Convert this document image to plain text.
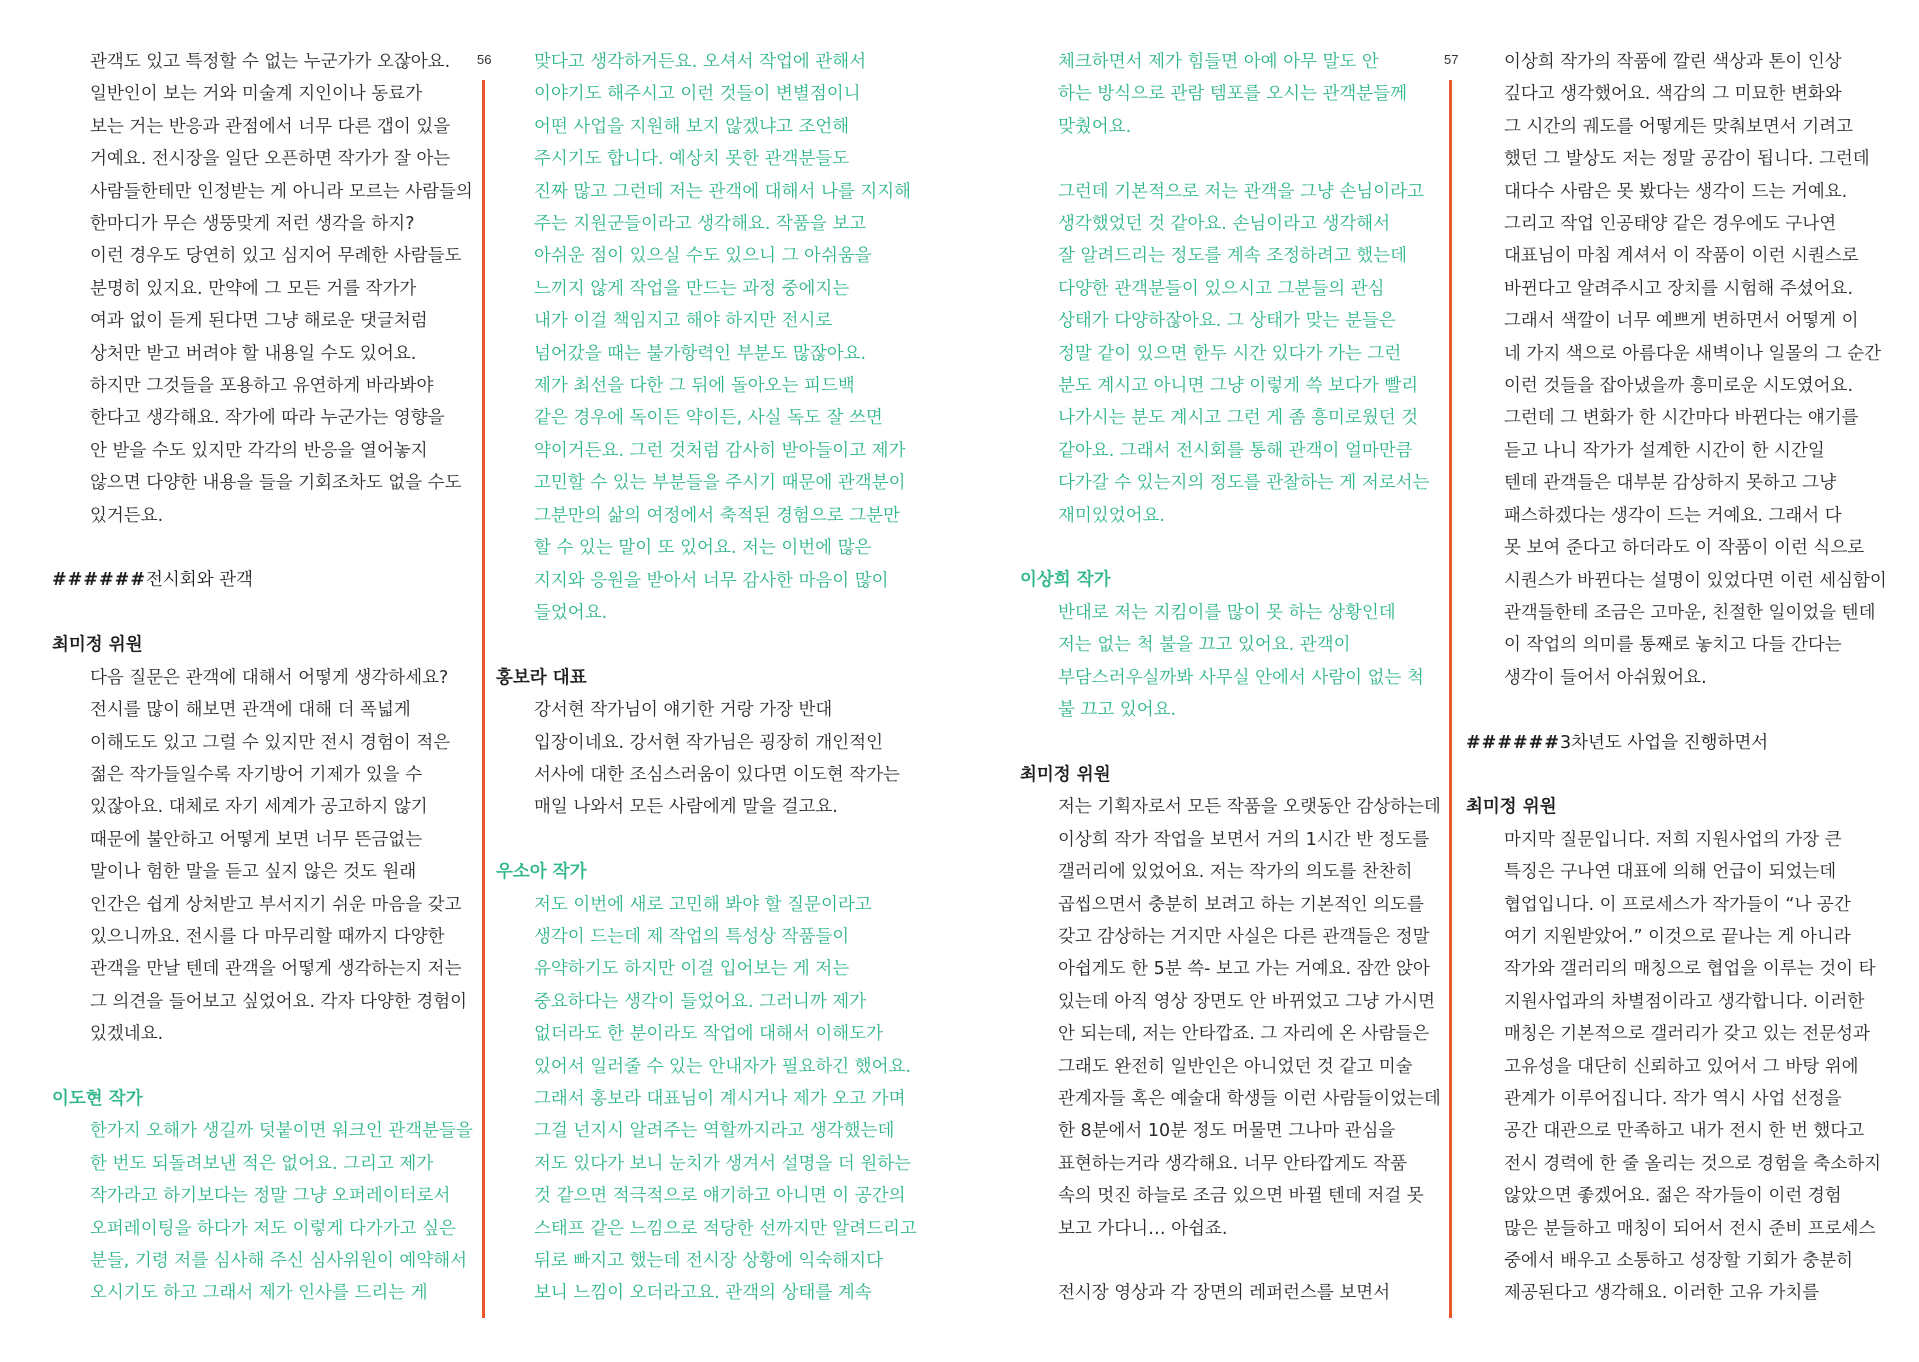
관객도 있고 특정할 수 없는 누군가가 오잖아요.
일반인이 보는 거와 미술계 지인이나 동료가
보는 거는 반응과 관점에서 너무 다른 갭이 있을
거예요. 전시장을 일단 오픈하면 작가가 잘 아는
사람들한테만 인정받는 게 아니라 모르는 사람들의
한마디가 무슨 생뚱맞게 저런 생각을 하지?
이런 경우도 당연히 있고 심지어 무례한 사람들도
분명히 있지요. 만약에 그 모든 거를 작가가
여과 없이 듣게 된다면 그냥 해로운 댓글처럼
상처만 받고 버려야 할 내용일 수도 있어요.
하지만 그것들을 포용하고 유연하게 바라봐야
한다고 생각해요. 작가에 따라 누군가는 영향을
안 받을 수도 있지만 각각의 반응을 열어놓지
않으면 다양한 내용을 들을 기회조차도 없을 수도
있거든요.
######전시회와 관객
최미정 위원
다음 질문은 관객에 대해서 어떻게 생각하세요?
전시를 많이 해보면 관객에 대해 더 폭넓게
이해도도 있고 그럴 수 있지만 전시 경험이 적은
젊은 작가들일수록 자기방어 기제가 있을 수
있잖아요. 대체로 자기 세계가 공고하지 않기
때문에 불안하고 어떻게 보면 너무 뜬금없는
말이나 험한 말을 듣고 싶지 않은 것도 원래
인간은 쉽게 상처받고 부서지기 쉬운 마음을 갖고
있으니까요. 전시를 다 마무리할 때까지 다양한
관객을 만날 텐데 관객을 어떻게 생각하는지 저는
그 의견을 들어보고 싶었어요. 각자 다양한 경험이
있겠네요.
이도현 작가
한가지 오해가 생길까 덧붙이면 워크인 관객분들을
한 번도 되돌려보낸 적은 없어요. 그리고 제가
작가라고 하기보다는 정말 그냥 오퍼레이터로서
오퍼레이팅을 하다가 저도 이렇게 다가가고 싶은
분들, 기령 저를 심사해 주신 심사위원이 예약해서
오시기도 하고 그래서 제가 인사를 드리는 게
56	맞다고 생각하거든요. 오셔서 작업에 관해서
이야기도 해주시고 이런 것들이 변별점이니
어떤 사업을 지원해 보지 않겠냐고 조언해
주시기도 합니다. 예상치 못한 관객분들도
진짜 많고 그런데 저는 관객에 대해서 나를 지지해
주는 지원군들이라고 생각해요. 작품을 보고
아쉬운 점이 있으실 수도 있으니 그 아쉬움을
느끼지 않게 작업을 만드는 과정 중에지는
내가 이걸 책임지고 해야 하지만 전시로
넘어갔을 때는 불가항력인 부분도 많잖아요.
제가 최선을 다한 그 뒤에 돌아오는 피드백
같은 경우에 독이든 약이든, 사실 독도 잘 쓰면
약이거든요. 그런 것처럼 감사히 받아들이고 제가
고민할 수 있는 부분들을 주시기 때문에 관객분이
그분만의 삶의 여정에서 축적된 경험으로 그분만
할 수 있는 말이 또 있어요. 저는 이번에 많은
지지와 응원을 받아서 너무 감사한 마음이 많이
들었어요.
홍보라 대표
강서현 작가님이 얘기한 거랑 가장 반대
입장이네요. 강서현 작가님은 굉장히 개인적인
서사에 대한 조심스러움이 있다면 이도현 작가는
매일 나와서 모든 사람에게 말을 걸고요.
우소아 작가
저도 이번에 새로 고민해 봐야 할 질문이라고
생각이 드는데 제 작업의 특성상 작품들이
유약하기도 하지만 이걸 입어보는 게 저는
중요하다는 생각이 들었어요. 그러니까 제가
없더라도 한 분이라도 작업에 대해서 이해도가
있어서 일러줄 수 있는 안내자가 필요하긴 했어요.
그래서 홍보라 대표님이 계시거나 제가 오고 가며
그걸 넌지시 알려주는 역할까지라고 생각했는데
저도 있다가 보니 눈치가 생겨서 설명을 더 원하는
것 같으면 적극적으로 얘기하고 아니면 이 공간의
스태프 같은 느낌으로 적당한 선까지만 알려드리고
뒤로 빠지고 했는데 전시장 상황에 익숙해지다
보니 느낌이 오더라고요. 관객의 상태를 계속
체크하면서 제가 힘들면 아예 아무 말도 안
하는 방식으로 관람 템포를 오시는 관객분들께
맞췄어요.
그런데 기본적으로 저는 관객을 그냥 손님이라고
생각했었던 것 같아요. 손님이라고 생각해서
잘 알려드리는 정도를 계속 조정하려고 했는데
다양한 관객분들이 있으시고 그분들의 관심
상태가 다양하잖아요. 그 상태가 맞는 분들은
정말 같이 있으면 한두 시간 있다가 가는 그런
분도 계시고 아니면 그냥 이렇게 쓱 보다가 빨리
나가시는 분도 계시고 그런 게 좀 흥미로웠던 것
같아요. 그래서 전시회를 통해 관객이 얼마만큼
다가갈 수 있는지의 정도를 관찰하는 게 저로서는
재미있었어요.
이상희 작가
반대로 저는 지킴이를 많이 못 하는 상황인데
저는 없는 척 불을 끄고 있어요. 관객이
부담스러우실까봐 사무실 안에서 사람이 없는 척
불 끄고 있어요.
최미정 위원
저는 기획자로서 모든 작품을 오랫동안 감상하는데
이상희 작가 작업을 보면서 거의 1시간 반 정도를
갤러리에 있었어요. 저는 작가의 의도를 찬찬히
곱씹으면서 충분히 보려고 하는 기본적인 의도를
갖고 감상하는 거지만 사실은 다른 관객들은 정말
아쉽게도 한 5분 쓱- 보고 가는 거예요. 잠깐 앉아
있는데 아직 영상 장면도 안 바뀌었고 그냥 가시면
안 되는데, 저는 안타깝죠. 그 자리에 온 사람들은
그래도 완전히 일반인은 아니었던 것 같고 미술
관계자들 혹은 예술대 학생들 이런 사람들이었는데
한 8분에서 10분 정도 머물면 그나마 관심을
표현하는거라 생각해요. 너무 안타깝게도 작품
속의 멋진 하늘로 조금 있으면 바뀔 텐데 저걸 못
보고 가다니… 아쉽죠.
전시장 영상과 각 장면의 레퍼런스를 보면서
57	이상희 작가의 작품에 깔린 색상과 톤이 인상
깊다고 생각했어요. 색감의 그 미묘한 변화와
그 시간의 궤도를 어떻게든 맞춰보면서 기려고
했던 그 발상도 저는 정말 공감이 됩니다. 그런데
대다수 사람은 못 봤다는 생각이 드는 거예요.
그리고 작업 인공태양 같은 경우에도 구나연
대표님이 마침 계셔서 이 작품이 이런 시퀀스로
바뀐다고 알려주시고 장치를 시험해 주셨어요.
그래서 색깔이 너무 예쁘게 변하면서 어떻게 이
네 가지 색으로 아름다운 새벽이나 일몰의 그 순간
이런 것들을 잡아냈을까 흥미로운 시도였어요.
그런데 그 변화가 한 시간마다 바뀐다는 얘기를
듣고 나니 작가가 설계한 시간이 한 시간일
텐데 관객들은 대부분 감상하지 못하고 그냥
패스하겠다는 생각이 드는 거예요. 그래서 다
못 보여 준다고 하더라도 이 작품이 이런 식으로
시퀀스가 바뀐다는 설명이 있었다면 이런 세심함이
관객들한테 조금은 고마운, 친절한 일이었을 텐데
이 작업의 의미를 통째로 놓치고 다들 간다는
생각이 들어서 아쉬웠어요.
######3차년도 사업을 진행하면서
최미정 위원
마지막 질문입니다. 저희 지원사업의 가장 큰
특징은 구나연 대표에 의해 언급이 되었는데
협업입니다. 이 프로세스가 작가들이 “나 공간
여기 지원받았어.” 이것으로 끝나는 게 아니라
작가와 갤러리의 매칭으로 협업을 이루는 것이 타
지원사업과의 차별점이라고 생각합니다. 이러한
매칭은 기본적으로 갤러리가 갖고 있는 전문성과
고유성을 대단히 신뢰하고 있어서 그 바탕 위에
관계가 이루어집니다. 작가 역시 사업 선정을
공간 대관으로 만족하고 내가 전시 한 번 했다고
전시 경력에 한 줄 올리는 것으로 경험을 축소하지
않았으면 좋겠어요. 젊은 작가들이 이런 경험
많은 분들하고 매칭이 되어서 전시 준비 프로세스
중에서 배우고 소통하고 성장할 기회가 충분히
제공된다고 생각해요. 이러한 고유 가치를
